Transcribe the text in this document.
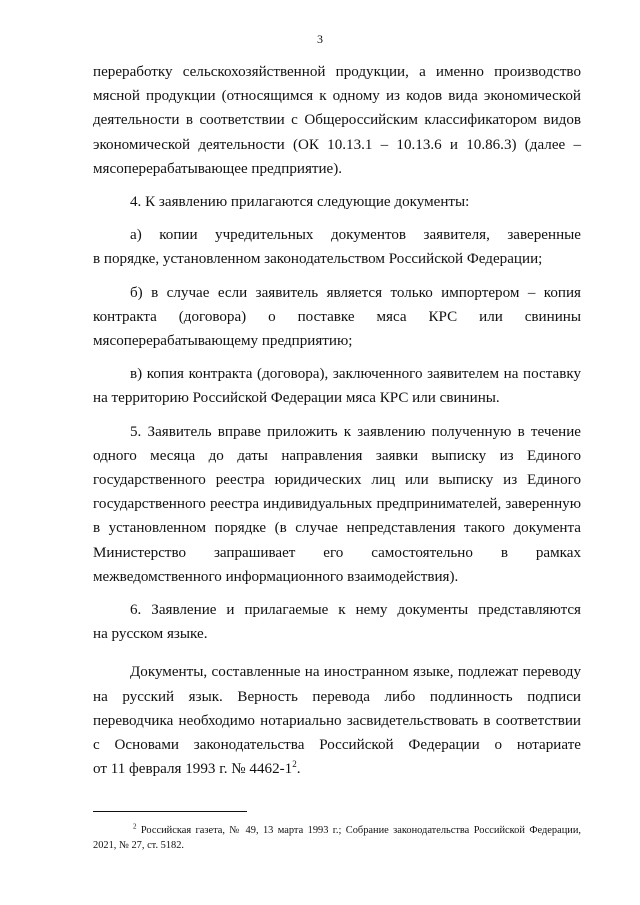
3

переработку сельскохозяйственной продукции, а именно производство
мясной продукции (относящимся к одному из кодов вида экономической
деятельности в соответствии с Общероссийским классификатором видов
экономической деятельности (ОК 10.13.1 – 10.13.6 и 10.86.3) (далее –
мясоперерабатывающее предприятие).

4. К заявлению прилагаются следующие документы:

а) копии учредительных документов заявителя, заверенные
в порядке, установленном законодательством Российской Федерации;

б) в случае если заявитель является только импортером – копия
контракта (договора) о поставке мяса КРС или свинины
мясоперерабатывающему предприятию;

в) копия контракта (договора), заключенного заявителем на поставку
на территорию Российской Федерации мяса КРС или свинины.

5. Заявитель вправе приложить к заявлению полученную в течение
одного месяца до даты направления заявки выписку из Единого
государственного реестра юридических лиц или выписку из Единого
государственного реестра индивидуальных предпринимателей, заверенную
в установленном порядке (в случае непредставления такого документа
Министерство запрашивает его самостоятельно в рамках
межведомственного информационного взаимодействия).

6. Заявление и прилагаемые к нему документы представляются
на русском языке.

Документы, составленные на иностранном языке, подлежат переводу
на русский язык. Верность перевода либо подлинность подписи
переводчика необходимо нотариально засвидетельствовать в соответствии
с Основами законодательства Российской Федерации о нотариате
от 11 февраля 1993 г. № $4462-1^2$.

$^2$ Российская газета, № 49, 13 марта 1993 г.; Собрание законодательства Российской Федерации,
2021, № 27, ст. 5182.
